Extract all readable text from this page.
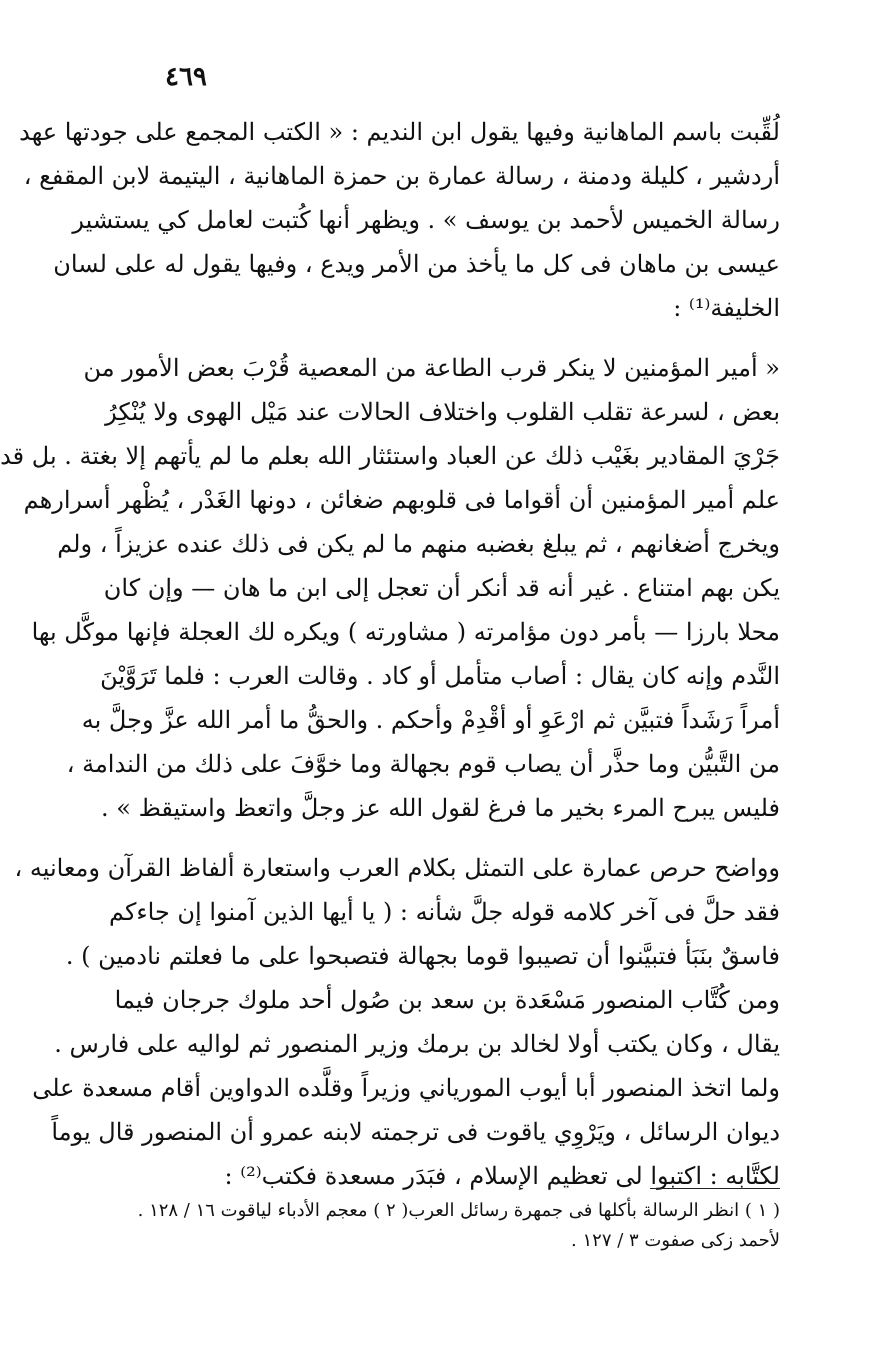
٤٦٩
لُقِّبت باسم الماهانية وفيها يقول ابن النديم : « الكتب المجمع على جودتها عهد
أردشير ، كليلة ودمنة ، رسالة عمارة بن حمزة الماهانية ، اليتيمة لابن المقفع ،
رسالة الخميس لأحمد بن يوسف » . ويظهر أنها كُتبت لعامل كي يستشير
عيسى بن ماهان فى كل ما يأخذ من الأمر ويدع ، وفيها يقول له على لسان
الخليفة⁽¹⁾ :
« أمير المؤمنين لا ينكر قرب الطاعة من المعصية قُرْبَ بعض الأمور من
بعض ، لسرعة تقلب القلوب واختلاف الحالات عند مَيْل الهوى ولا يُنْكِرُ
جَرْيَ المقادير بغَيْب ذلك عن العباد واستئثار الله بعلم ما لم يأتهم إلا بغتة . بل قد
علم أمير المؤمنين أن أقواما فى قلوبهم ضغائن ، دونها الغَدْر ، يُظْهر أسرارهم
ويخرج أضغانهم ، ثم يبلغ بغضبه منهم ما لم يكن فى ذلك عنده عزيزاً ، ولم
يكن بهم امتناع . غير أنه قد أنكر أن تعجل إلى ابن ما هان — وإن كان
محلا بارزا — بأمر دون مؤامرته ( مشاورته ) ويكره لك العجلة فإنها موكَّل بها
النَّدم وإنه كان يقال : أصاب متأمل أو كاد . وقالت العرب : فلما تَرَوَّيْنَ
أمراً رَشَداً فتبيَّن ثم ارْعَوِ أو أقْدِمْ وأحكم . والحقُّ ما أمر الله عزَّ وجلَّ به
من التَّبيُّن وما حذَّر أن يصاب قوم بجهالة وما خوَّفَ على ذلك من الندامة ،
فليس يبرح المرء بخير ما فرغ لقول الله عز وجلَّ واتعظ واستيقظ » .
وواضح حرص عمارة على التمثل بكلام العرب واستعارة ألفاظ القرآن ومعانيه ،
فقد حلَّ فى آخر كلامه قوله جلَّ شأنه : ( يا أيها الذين آمنوا إن جاءكم
فاسقٌ بنَبَأ فتبيَّنوا أن تصيبوا قوما بجهالة فتصبحوا على ما فعلتم نادمين ) .
ومن كُتَّاب المنصور مَسْعَدة بن سعد بن صُول أحد ملوك جرجان فيما
يقال ، وكان يكتب أولا لخالد بن برمك وزير المنصور ثم لواليه على فارس .
ولما اتخذ المنصور أبا أيوب المورياني وزيراً وقلَّده الدواوين أقام مسعدة على
ديوان الرسائل ، ويَرْوِي ياقوت فى ترجمته لابنه عمرو أن المنصور قال يوماً
لكتَّابه : اكتبوا لى تعظيم الإسلام ، فبَدَر مسعدة فكتب⁽²⁾ :
( ١ ) انظر الرسالة بأكلها فى جمهرة رسائل العرب
( ٢ ) معجم الأدباء لياقوت ١٦ / ١٢٨ .
لأحمد زكى صفوت ٣ / ١٢٧ .
